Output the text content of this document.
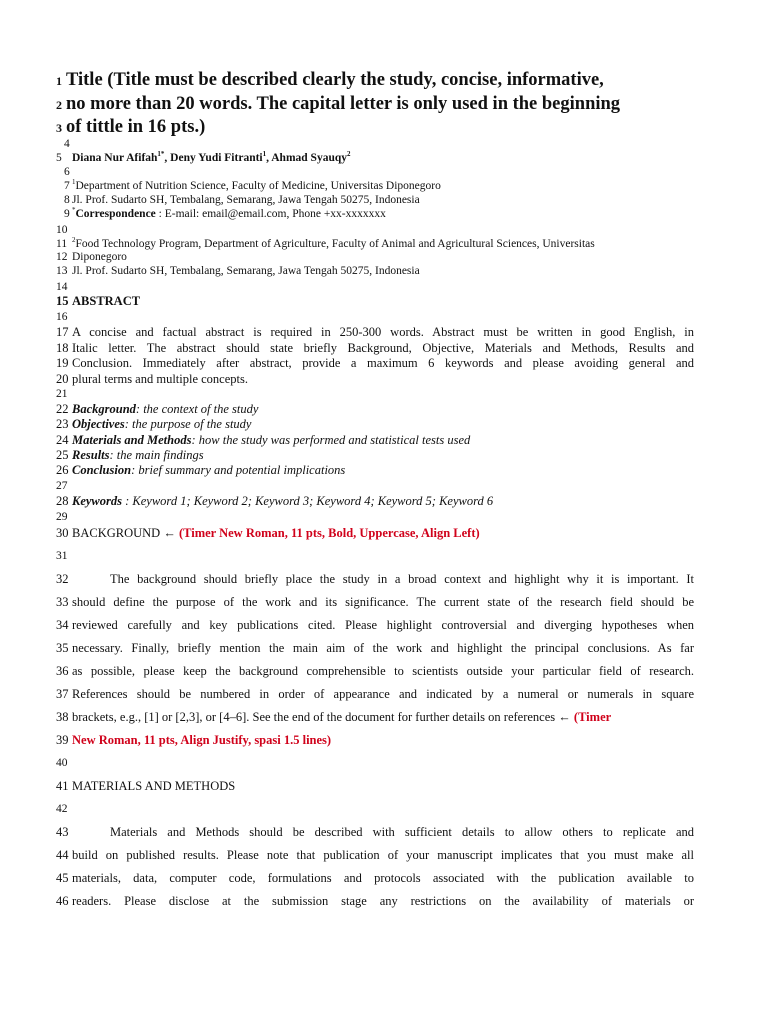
1 Title (Title must be described clearly the study, concise, informative,
2 no more than 20 words. The capital letter is only used in the beginning
3 of tittle in 16 pts.)
4
5 Diana Nur Afifah$^{1*}$, Deny Yudi Fitranti$^1$, Ahmad Syauqy$^2$
6
7 $^1$Department of Nutrition Science, Faculty of Medicine, Universitas Diponegoro
8 Jl. Prof. Sudarto SH, Tembalang, Semarang, Jawa Tengah 50275, Indonesia
9 *Correspondence : E-mail: email@email.com, Phone +xx-xxxxxxx
10
11 $^2$Food Technology Program, Department of Agriculture, Faculty of Animal and Agricultural Sciences, Universitas
12 Diponegoro
13 Jl. Prof. Sudarto SH, Tembalang, Semarang, Jawa Tengah 50275, Indonesia
14
15 ABSTRACT
16
17 A concise and factual abstract is required in 250-300 words. Abstract must be written in good English, in
18 Italic letter. The abstract should state briefly Background, Objective, Materials and Methods, Results and
19 Conclusion. Immediately after abstract, provide a maximum 6 keywords and please avoiding general and
20 plural terms and multiple concepts.
21
22 Background: the context of the study
23 Objectives: the purpose of the study
24 Materials and Methods: how the study was performed and statistical tests used
25 Results: the main findings
26 Conclusion: brief summary and potential implications
27
28 Keywords : Keyword 1; Keyword 2; Keyword 3; Keyword 4; Keyword 5; Keyword 6
29
30 BACKGROUND ← (Timer New Roman, 11 pts, Bold, Uppercase, Align Left)
31
32	The background should briefly place the study in a broad context and highlight why it is important. It
33 should define the purpose of the work and its significance. The current state of the research field should be
34 reviewed carefully and key publications cited. Please highlight controversial and diverging hypotheses when
35 necessary. Finally, briefly mention the main aim of the work and highlight the principal conclusions. As far
36 as possible, please keep the background comprehensible to scientists outside your particular field of research.
37 References should be numbered in order of appearance and indicated by a numeral or numerals in square
38 brackets, e.g., [1] or [2,3], or [4–6]. See the end of the document for further details on references ← (Timer
39 New Roman, 11 pts, Align Justify, spasi 1.5 lines)
40
41 MATERIALS AND METHODS
42
43	Materials and Methods should be described with sufficient details to allow others to replicate and
44 build on published results. Please note that publication of your manuscript implicates that you must make all
45 materials, data, computer code, formulations and protocols associated with the publication available to
46 readers. Please disclose at the submission stage any restrictions on the availability of materials or
